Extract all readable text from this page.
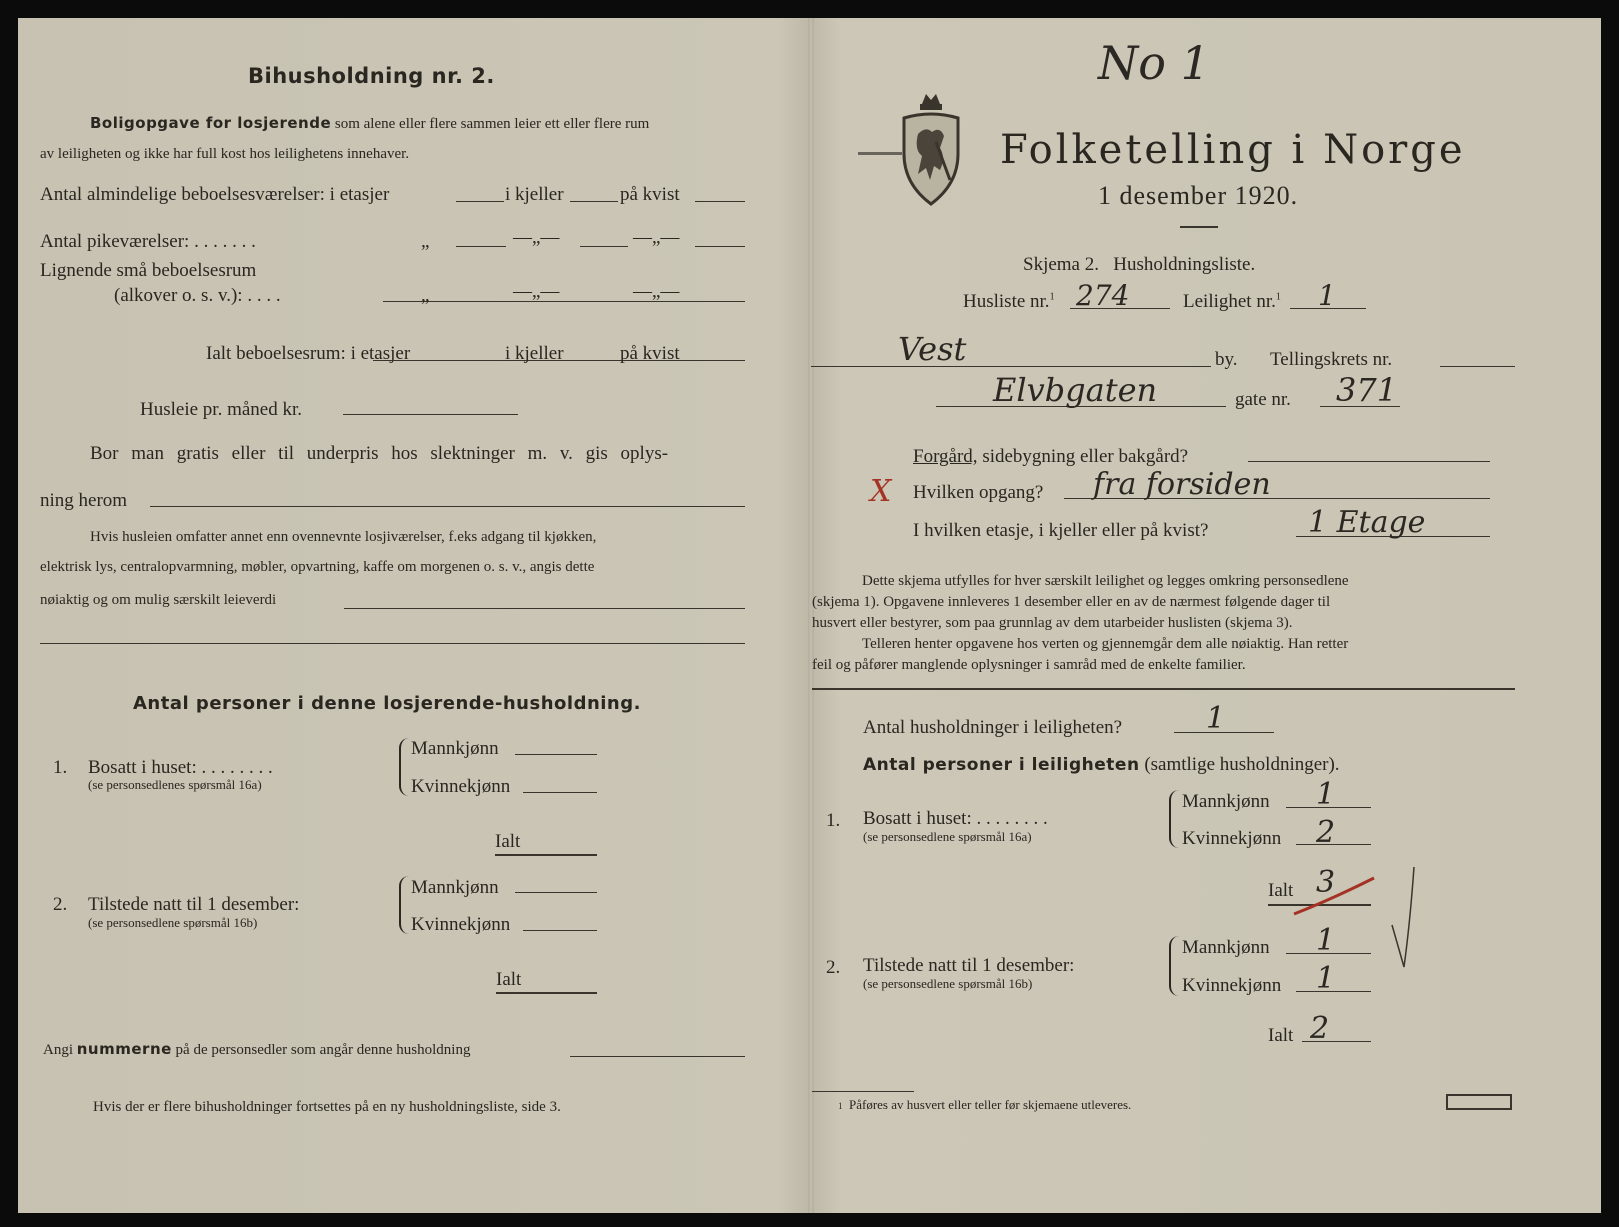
Bihusholdning nr. 2.
Boligopgave for losjerende som alene eller flere sammen leier ett eller flere rum
av leiligheten og ikke har full kost hos leilighetens innehaver.
Antal almindelige beboelsesværelser: i etasjer	i kjeller	på kvist
Antal pikeværelser: . . . . . . .	„	—„—	—„—
Lignende små beboelsesrum
(alkover o. s. v.): . . . .	„	—„—	—„—
Ialt beboelsesrum: i etasjer	i kjeller	på kvist
Husleie pr. måned kr.
Bor man gratis eller til underpris hos slektninger m. v. gis oplys-
ning herom
Hvis husleien omfatter annet enn ovennevnte losjiværelser, f.eks adgang til kjøkken,
elektrisk lys, centralopvarmning, møbler, opvartning, kaffe om morgenen o. s. v., angis dette
nøiaktig og om mulig særskilt leieverdi
Antal personer i denne losjerende-husholdning.
1. Bosatt i huset: . . . . . . . .
(se personsedlenes spørsmål 16a)
Mannkjønn
Kvinnekjønn
Ialt
2. Tilstede natt til 1 desember:
(se personsedlene spørsmål 16b)
Mannkjønn
Kvinnekjønn
Ialt
Angi nummerne på de personsedler som angår denne husholdning
Hvis der er flere bihusholdninger fortsettes på en ny husholdningsliste, side 3.
No 1
Folketelling i Norge
1 desember 1920.
Skjema 2.   Husholdningsliste.
Husliste nr.$^1$ 274	Leilighet nr.$^1$ 1
Vest	by. Tellingskrets nr.
Elvbgaten	gate nr. 371
Forgård, sidebygning eller bakgård?
X Hvilken opgang? fra forsiden
I hvilken etasje, i kjeller eller på kvist?	1 Etage
Dette skjema utfylles for hver særskilt leilighet og legges omkring personsedlene
(skjema 1). Opgavene innleveres 1 desember eller en av de nærmest følgende dager til
husvert eller bestyrer, som paa grunnlag av dem utarbeider huslisten (skjema 3).
Telleren henter opgavene hos verten og gjennemgår dem alle nøiaktig. Han retter
feil og påfører manglende oplysninger i samråd med de enkelte familier.
Antal husholdninger i leiligheten?	1
Antal personer i leiligheten (samtlige husholdninger).
1. Bosatt i huset: . . . . . . . .
(se personsedlene spørsmål 16a)
Mannkjønn 1
Kvinnekjønn 2
Ialt 3
2. Tilstede natt til 1 desember:
(se personsedlene spørsmål 16b)
Mannkjønn 1
Kvinnekjønn 1
Ialt 2
1 Påføres av husvert eller teller før skjemaene utleveres.
